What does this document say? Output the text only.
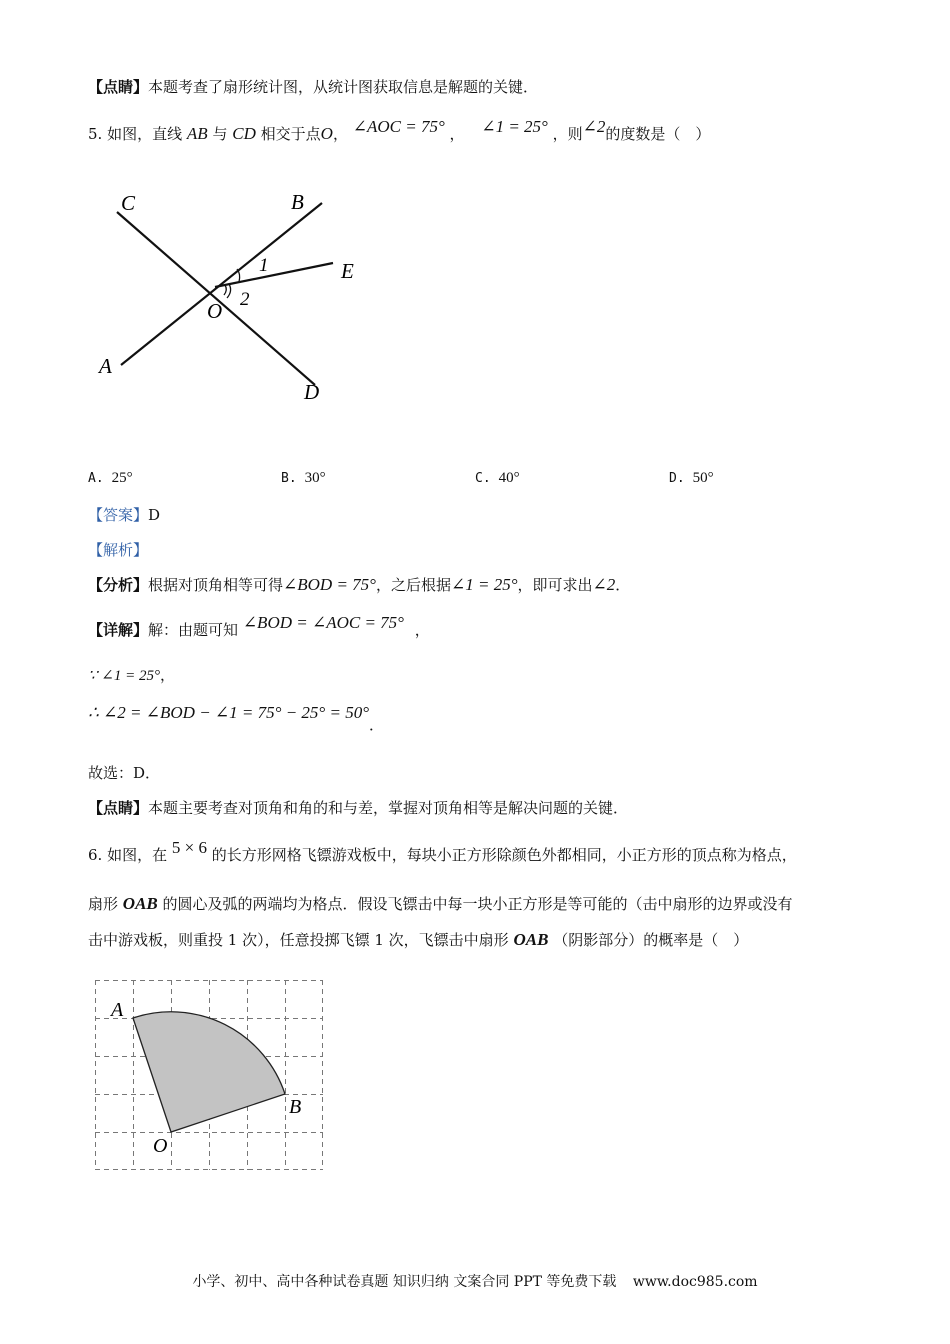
【点睛】本题考查了扇形统计图，从统计图获取信息是解题的关键．
5. 如图，直线 AB 与 CD 相交于点O， ∠AOC = 75° ， ∠1 = 25° ，则∠2的度数是（　）
C	B
E
O
A
D
1
2
A. 25°	B. 30°	C. 40°	D. 50°
【答案】D
【解析】
【分析】根据对顶角相等可得∠BOD = 75°，之后根据∠1 = 25°，即可求出∠2．
【详解】解：由题可知 ∠BOD = ∠AOC = 75° ，
∵ ∠1 = 25°，
∴ ∠2 = ∠BOD − ∠1 = 75° − 25° = 50°．
故选：D．
【点睛】本题主要考查对顶角和角的和与差，掌握对顶角相等是解决问题的关键．
6. 如图，在 5 × 6 的长方形网格飞镖游戏板中，每块小正方形除颜色外都相同，小正方形的顶点称为格点，
扇形 OAB 的圆心及弧的两端均为格点．假设飞镖击中每一块小正方形是等可能的（击中扇形的边界或没有
击中游戏板，则重投 1 次），任意投掷飞镖 1 次，飞镖击中扇形 OAB （阴影部分）的概率是（　）
A
B
O
小学、初中、高中各种试卷真题 知识归纳 文案合同 PPT 等免费下载 www.doc985.com
